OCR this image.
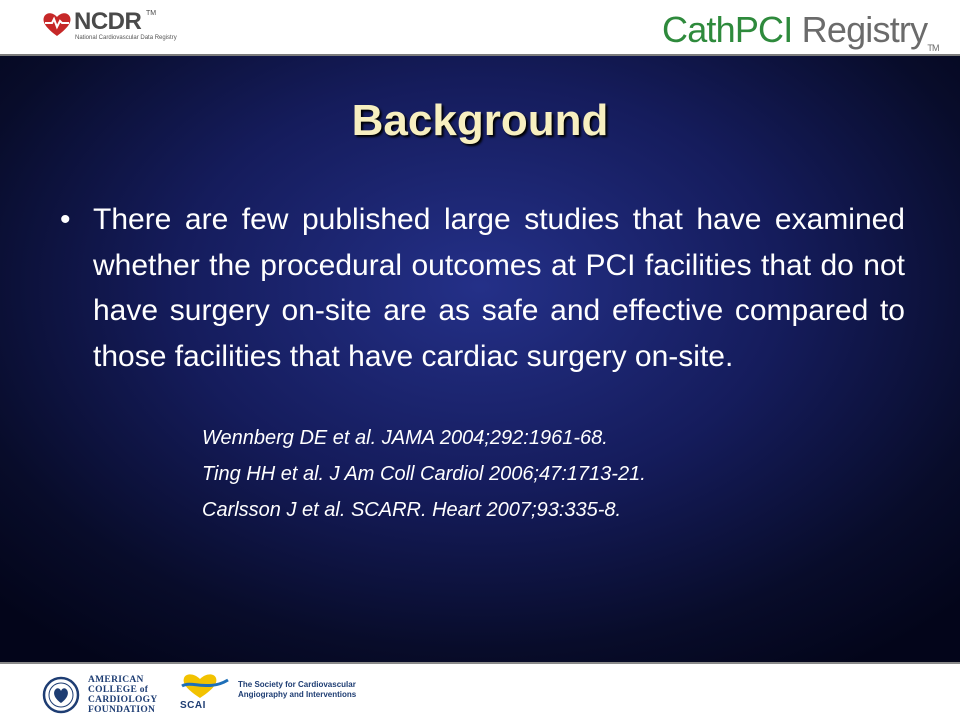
NCDR TM
National Cardiovascular Data Registry	CathPCI Registry™
Background
• There are few published large studies that have examined whether the procedural outcomes at PCI facilities that do not have surgery on-site are as safe and effective compared to those facilities that have cardiac surgery on-site.
Wennberg DE et al. JAMA 2004;292:1961-68.
Ting HH et al. J Am Coll Cardiol 2006;47:1713-21.
Carlsson J et al. SCARR. Heart 2007;93:335-8.
AMERICAN
COLLEGE of
CARDIOLOGY
FOUNDATION SCAI
The Society for Cardiovascular
Angiography and Interventions
